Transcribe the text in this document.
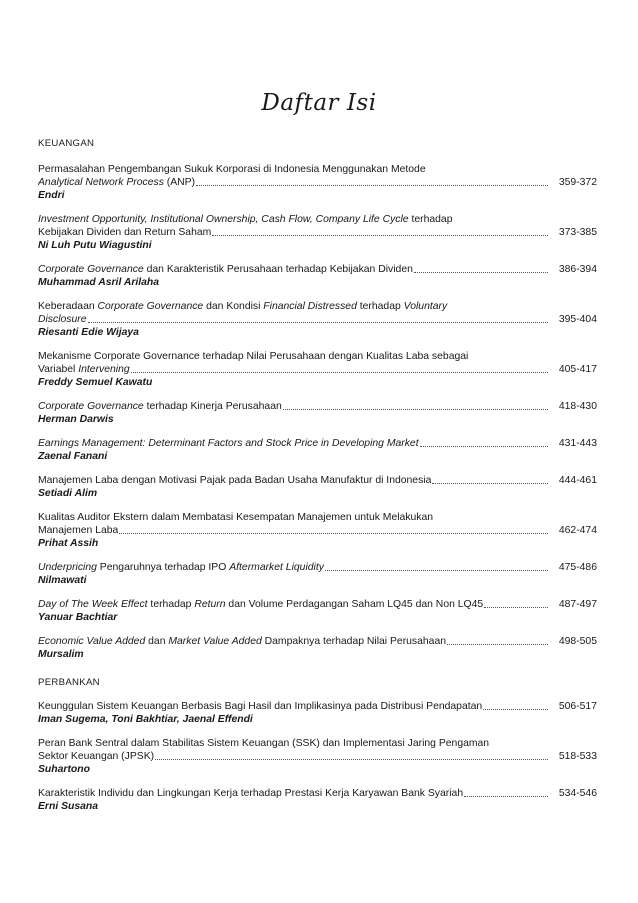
Daftar Isi
KEUANGAN
Permasalahan Pengembangan Sukuk Korporasi di Indonesia Menggunakan Metode
Analytical Network Process (ANP)	359-372
Endri
Investment Opportunity, Institutional Ownership, Cash Flow, Company Life Cycle terhadap
Kebijakan Dividen dan Return Saham	373-385
Ni Luh Putu Wiagustini
Corporate Governance dan Karakteristik Perusahaan terhadap Kebijakan Dividen	386-394
Muhammad Asril Arilaha
Keberadaan Corporate Governance dan Kondisi Financial Distressed terhadap Voluntary
Disclosure	395-404
Riesanti Edie Wijaya
Mekanisme Corporate Governance terhadap Nilai Perusahaan dengan Kualitas Laba sebagai
Variabel Intervening	405-417
Freddy Semuel Kawatu
Corporate Governance terhadap Kinerja Perusahaan	418-430
Herman Darwis
Earnings Management: Determinant Factors and Stock Price in Developing Market	431-443
Zaenal Fanani
Manajemen Laba dengan Motivasi Pajak pada Badan Usaha Manufaktur di Indonesia	444-461
Setiadi Alim
Kualitas Auditor Ekstern dalam Membatasi Kesempatan Manajemen untuk Melakukan
Manajemen Laba	462-474
Prihat Assih
Underpricing Pengaruhnya terhadap IPO Aftermarket Liquidity	475-486
Nilmawati
Day of The Week Effect terhadap Return dan Volume Perdagangan Saham LQ45 dan Non LQ45	487-497
Yanuar Bachtiar
Economic Value Added dan Market Value Added Dampaknya terhadap Nilai Perusahaan	498-505
Mursalim
PERBANKAN
Keunggulan Sistem Keuangan Berbasis Bagi Hasil dan Implikasinya pada Distribusi Pendapatan	506-517
Iman Sugema, Toni Bakhtiar, Jaenal Effendi
Peran Bank Sentral dalam Stabilitas Sistem Keuangan (SSK) dan Implementasi Jaring Pengaman
Sektor Keuangan (JPSK)	518-533
Suhartono
Karakteristik Individu dan Lingkungan Kerja terhadap Prestasi Kerja Karyawan Bank Syariah	534-546
Erni Susana
